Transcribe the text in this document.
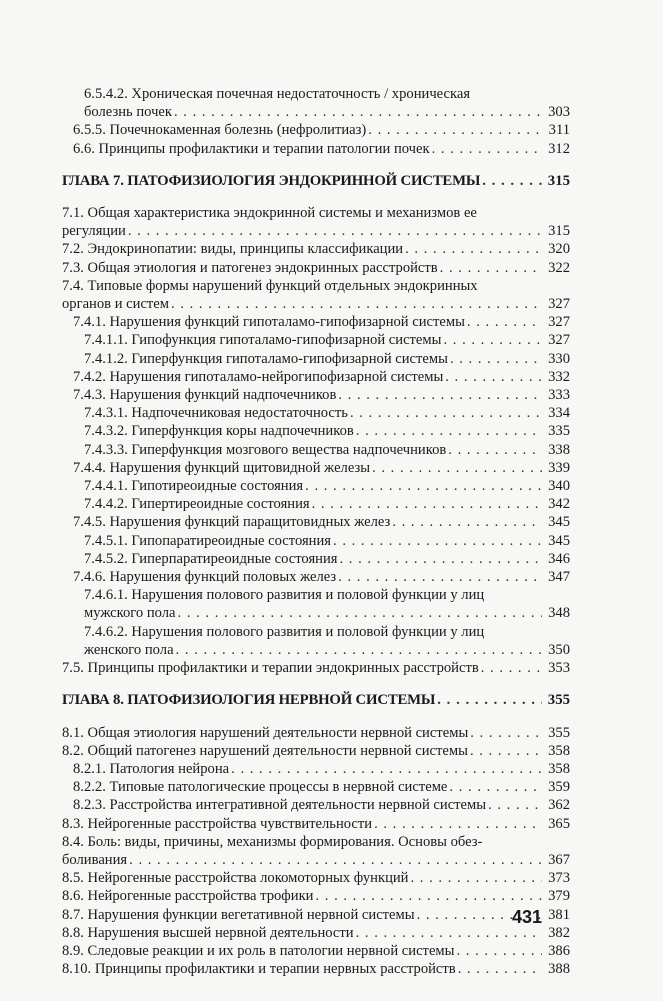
6.5.4.2. Хроническая почечная недостаточность / хроническая
болезнь почек . . .	303
6.5.5. Почечнокаменная болезнь (нефролитиаз) . . .	311
6.6. Принципы профилактики и терапии патологии почек . . .	312
ГЛАВА 7. ПАТОФИЗИОЛОГИЯ ЭНДОКРИННОЙ СИСТЕМЫ . . .	315
7.1. Общая характеристика эндокринной системы и механизмов ее
регуляции . . .	315
7.2. Эндокринопатии: виды, принципы классификации . . .	320
7.3. Общая этиология и патогенез эндокринных расстройств . . .	322
7.4. Типовые формы нарушений функций отдельных эндокринных
органов и систем . . .	327
7.4.1. Нарушения функций гипоталамо-гипофизарной системы . . .	327
7.4.1.1. Гипофункция гипоталамо-гипофизарной системы . . .	327
7.4.1.2. Гиперфункция гипоталамо-гипофизарной системы . . .	330
7.4.2. Нарушения гипоталамо-нейрогипофизарной системы . . .	332
7.4.3. Нарушения функций надпочечников . . .	333
7.4.3.1. Надпочечниковая недостаточность . . .	334
7.4.3.2. Гиперфункция коры надпочечников . . .	335
7.4.3.3. Гиперфункция мозгового вещества надпочечников . . .	338
7.4.4. Нарушения функций щитовидной железы . . .	339
7.4.4.1. Гипотиреоидные состояния . . .	340
7.4.4.2. Гипертиреоидные состояния . . .	342
7.4.5. Нарушения функций паращитовидных желез . . .	345
7.4.5.1. Гипопаратиреоидные состояния . . .	345
7.4.5.2. Гиперпаратиреоидные состояния . . .	346
7.4.6. Нарушения функций половых желез . . .	347
7.4.6.1. Нарушения полового развития и половой функции у лиц
мужского пола . . .	348
7.4.6.2. Нарушения полового развития и половой функции у лиц
женского пола . . .	350
7.5. Принципы профилактики и терапии эндокринных расстройств . . .	353
ГЛАВА 8. ПАТОФИЗИОЛОГИЯ НЕРВНОЙ СИСТЕМЫ . . .	355
8.1. Общая этиология нарушений деятельности нервной системы . . .	355
8.2. Общий патогенез нарушений деятельности нервной системы . . .	358
8.2.1. Патология нейрона . . .	358
8.2.2. Типовые патологические процессы в нервной системе . . .	359
8.2.3. Расстройства интегративной деятельности нервной системы . . .	362
8.3. Нейрогенные расстройства чувствительности . . .	365
8.4. Боль: виды, причины, механизмы формирования. Основы обез-
боливания . . .	367
8.5. Нейрогенные расстройства локомоторных функций . . .	373
8.6. Нейрогенные расстройства трофики . . .	379
8.7. Нарушения функции вегетативной нервной системы . . .	381
8.8. Нарушения высшей нервной деятельности . . .	382
8.9. Следовые реакции и их роль в патологии нервной системы . . .	386
8.10. Принципы профилактики и терапии нервных расстройств . . .	388
431
